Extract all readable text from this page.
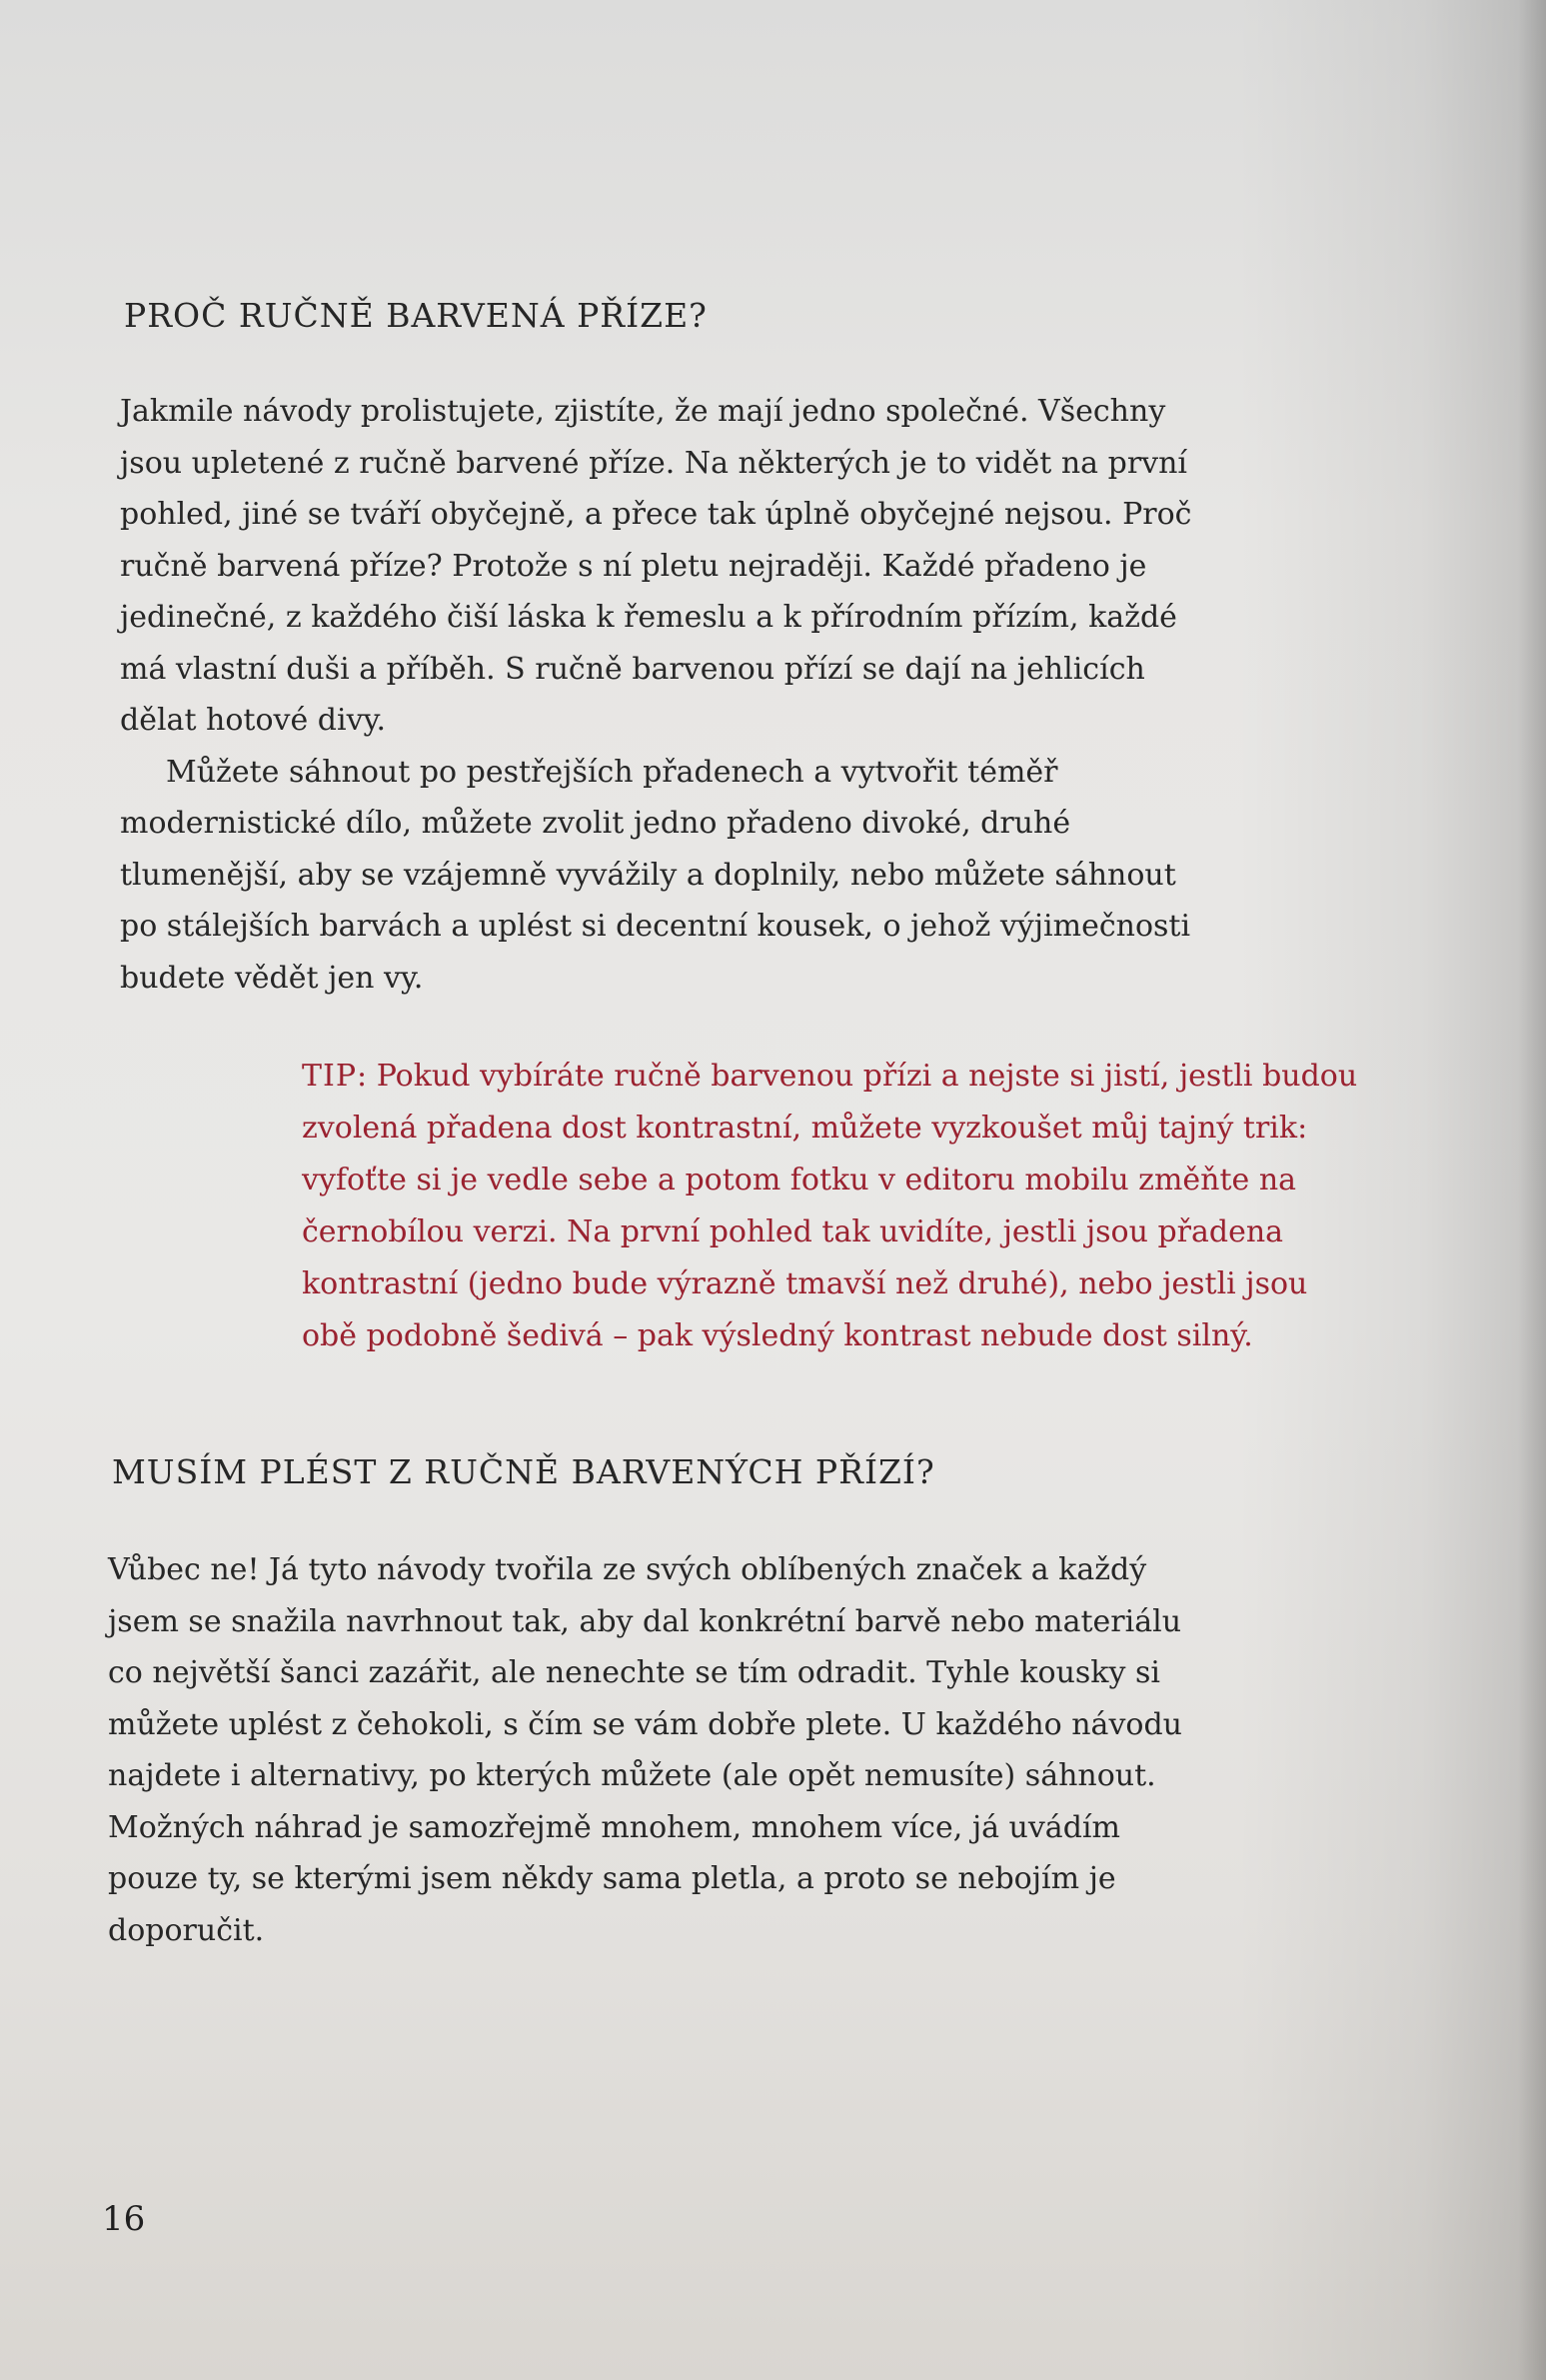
PROČ RUČNĚ BARVENÁ PŘÍZE?
Jakmile návody prolistujete, zjistíte, že mají jedno společné. Všechny
jsou upletené z ručně barvené příze. Na některých je to vidět na první
pohled, jiné se tváří obyčejně, a přece tak úplně obyčejné nejsou. Proč
ručně barvená příze? Protože s ní pletu nejraději. Každé přadeno je
jedinečné, z každého čiší láska k řemeslu a k přírodním přízím, každé
má vlastní duši a příběh. S ručně barvenou přízí se dají na jehlicích
dělat hotové divy.
Můžete sáhnout po pestřejších přadenech a vytvořit téměř
modernistické dílo, můžete zvolit jedno přadeno divoké, druhé
tlumenější, aby se vzájemně vyvážily a doplnily, nebo můžete sáhnout
po stálejších barvách a uplést si decentní kousek, o jehož výjimečnosti
budete vědět jen vy.
TIP: Pokud vybíráte ručně barvenou přízi a nejste si jistí, jestli budou
zvolená přadena dost kontrastní, můžete vyzkoušet můj tajný trik:
vyfoťte si je vedle sebe a potom fotku v editoru mobilu změňte na
černobílou verzi. Na první pohled tak uvidíte, jestli jsou přadena
kontrastní (jedno bude výrazně tmavší než druhé), nebo jestli jsou
obě podobně šedivá – pak výsledný kontrast nebude dost silný.
MUSÍM PLÉST Z RUČNĚ BARVENÝCH PŘÍZÍ?
Vůbec ne! Já tyto návody tvořila ze svých oblíbených značek a každý
jsem se snažila navrhnout tak, aby dal konkrétní barvě nebo materiálu
co největší šanci zazářit, ale nenechte se tím odradit. Tyhle kousky si
můžete uplést z čehokoli, s čím se vám dobře plete. U každého návodu
najdete i alternativy, po kterých můžete (ale opět nemusíte) sáhnout.
Možných náhrad je samozřejmě mnohem, mnohem více, já uvádím
pouze ty, se kterými jsem někdy sama pletla, a proto se nebojím je
doporučit.

16
